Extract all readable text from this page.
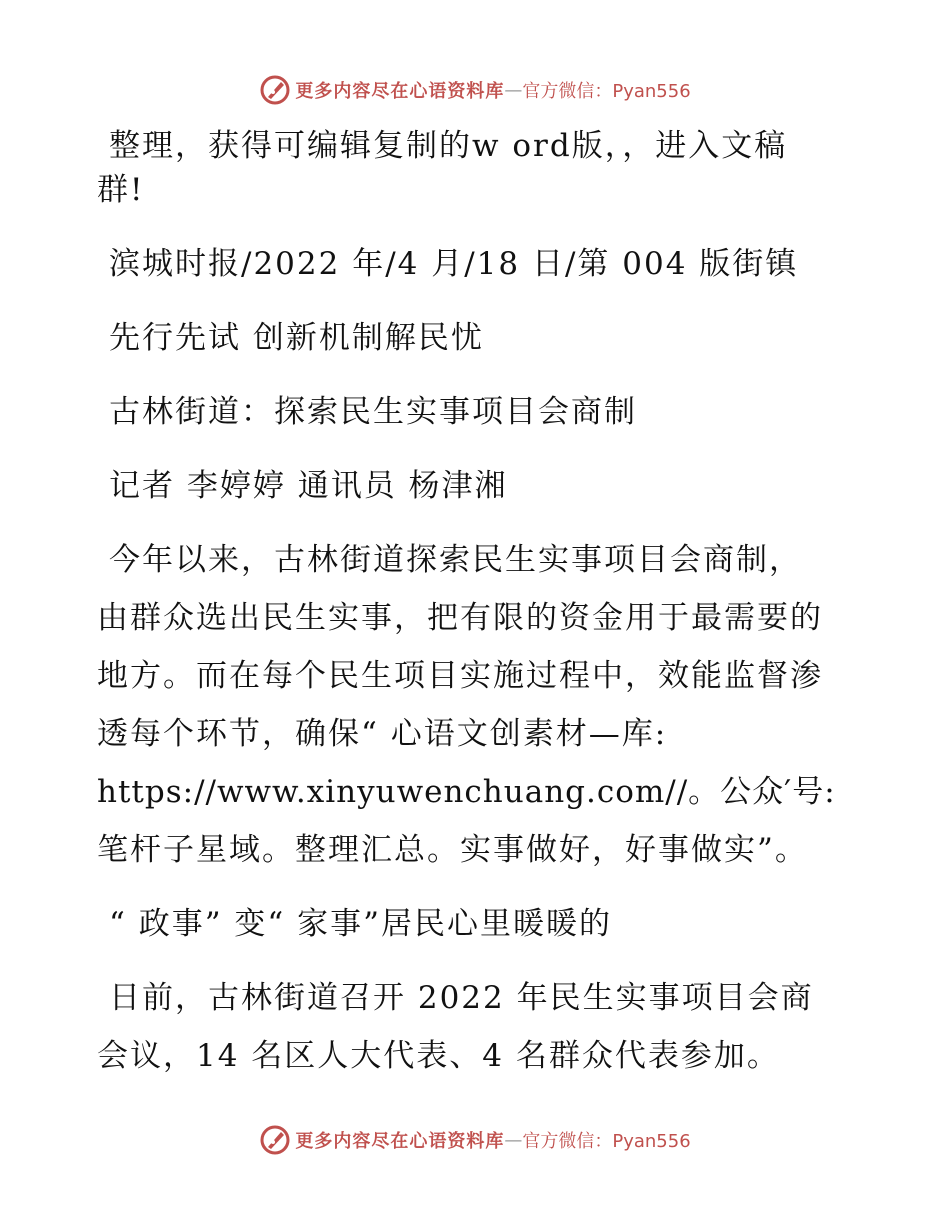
更多内容尽在心语资料库 — 官方微信：Pyan556
整理，获得可编辑复制的w ord版，，进入文稿
群!
滨城时报/2022 年/4 月/18 日/第 004 版街镇
先行先试 创新机制解民忧
古林街道：探索民生实事项目会商制
记者 李婷婷 通讯员 杨津湘
今年以来，古林街道探索民生实事项目会商制，
由群众选出民生实事，把有限的资金用于最需要的
地方。而在每个民生项目实施过程中，效能监督渗
透每个环节，确保“ 心语文创素材—库:
https://www.xinyuwenchuang.com//。公众′号:
笔杆子星域。整理汇总。实事做好，好事做实”。
“ 政事” 变“ 家事”居民心里暖暖的
日前，古林街道召开 2022 年民生实事项目会商
会议，14 名区人大代表、4 名群众代表参加。
更多内容尽在心语资料库 — 官方微信：Pyan556
